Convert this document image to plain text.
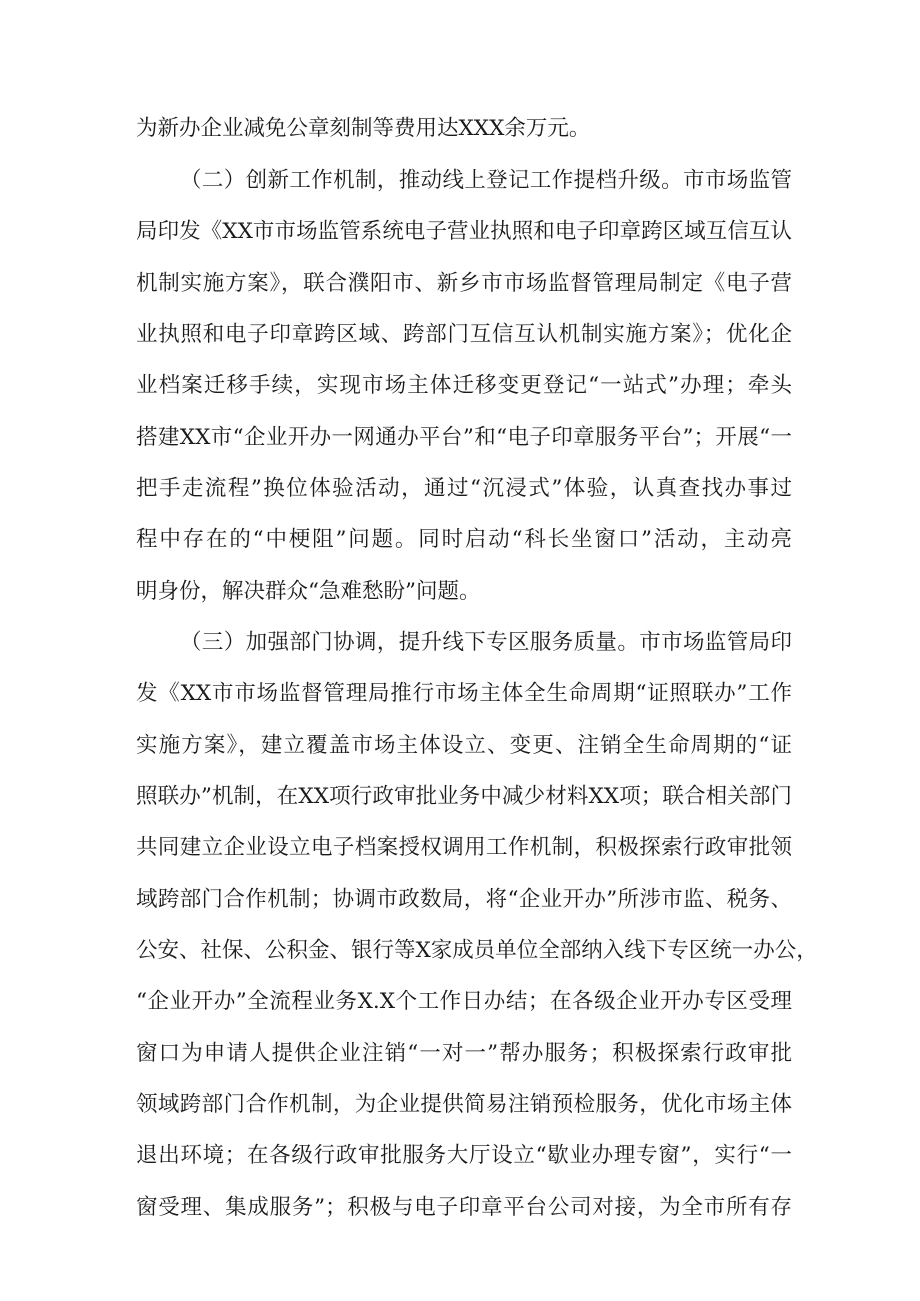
为新办企业减免公章刻制等费用达XXX余万元。
（二）创新工作机制，推动线上登记工作提档升级。市市场监管
局印发《XX市市场监管系统电子营业执照和电子印章跨区域互信互认
机制实施方案》，联合濮阳市、新乡市市场监督管理局制定《电子营
业执照和电子印章跨区域、跨部门互信互认机制实施方案》；优化企
业档案迁移手续，实现市场主体迁移变更登记“一站式”办理；牵头
搭建XX市“企业开办一网通办平台”和“电子印章服务平台”；开展“一
把手走流程”换位体验活动，通过“沉浸式”体验，认真查找办事过
程中存在的“中梗阻”问题。同时启动“科长坐窗口”活动，主动亮
明身份，解决群众“急难愁盼”问题。
（三）加强部门协调，提升线下专区服务质量。市市场监管局印
发《XX市市场监督管理局推行市场主体全生命周期“证照联办”工作
实施方案》，建立覆盖市场主体设立、变更、注销全生命周期的“证
照联办”机制，在XX项行政审批业务中减少材料XX项；联合相关部门
共同建立企业设立电子档案授权调用工作机制，积极探索行政审批领
域跨部门合作机制；协调市政数局，将“企业开办”所涉市监、税务、
公安、社保、公积金、银行等X家成员单位全部纳入线下专区统一办公，
“企业开办”全流程业务X.X个工作日办结；在各级企业开办专区受理
窗口为申请人提供企业注销“一对一”帮办服务；积极探索行政审批
领域跨部门合作机制，为企业提供简易注销预检服务，优化市场主体
退出环境；在各级行政审批服务大厅设立“歇业办理专窗”，实行“一
窗受理、集成服务”；积极与电子印章平台公司对接，为全市所有存
